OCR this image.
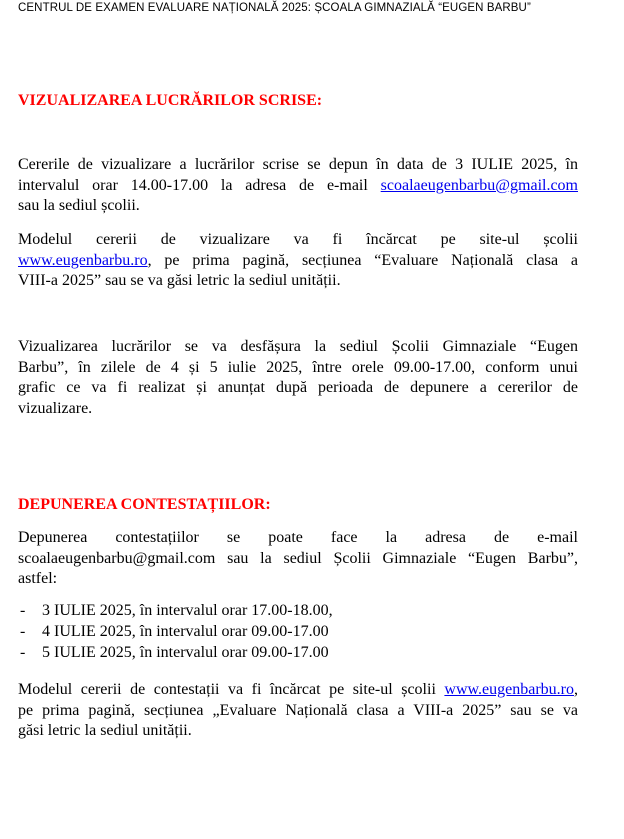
CENTRUL DE EXAMEN EVALUARE NAȚIONALĂ 2025: ȘCOALA GIMNAZIALĂ “EUGEN BARBU”
VIZUALIZAREA LUCRĂRILOR SCRISE:
Cererile de vizualizare a lucrărilor scrise se depun în data de 3 IULIE 2025, în
intervalul orar 14.00-17.00 la adresa de e-mail scoalaeugenbarbu@gmail.com
sau la sediul școlii.
Modelul cererii de vizualizare va fi încărcat pe site-ul școlii
www.eugenbarbu.ro, pe prima pagină, secțiunea “Evaluare Națională clasa a
VIII-a 2025” sau se va găsi letric la sediul unității.
Vizualizarea lucrărilor se va desfășura la sediul Școlii Gimnaziale “Eugen
Barbu”, în zilele de 4 și 5 iulie 2025, între orele 09.00-17.00, conform unui
grafic ce va fi realizat și anunțat după perioada de depunere a cererilor de
vizualizare.
DEPUNEREA CONTESTAȚIILOR:
Depunerea contestațiilor se poate face la adresa de e-mail
scoalaeugenbarbu@gmail.com sau la sediul Școlii Gimnaziale “Eugen Barbu”,
astfel:
- 3 IULIE 2025, în intervalul orar 17.00-18.00,
- 4 IULIE 2025, în intervalul orar 09.00-17.00
- 5 IULIE 2025, în intervalul orar 09.00-17.00
Modelul cererii de contestații va fi încărcat pe site-ul școlii www.eugenbarbu.ro,
pe prima pagină, secțiunea „Evaluare Națională clasa a VIII-a 2025” sau se va
găsi letric la sediul unității.
